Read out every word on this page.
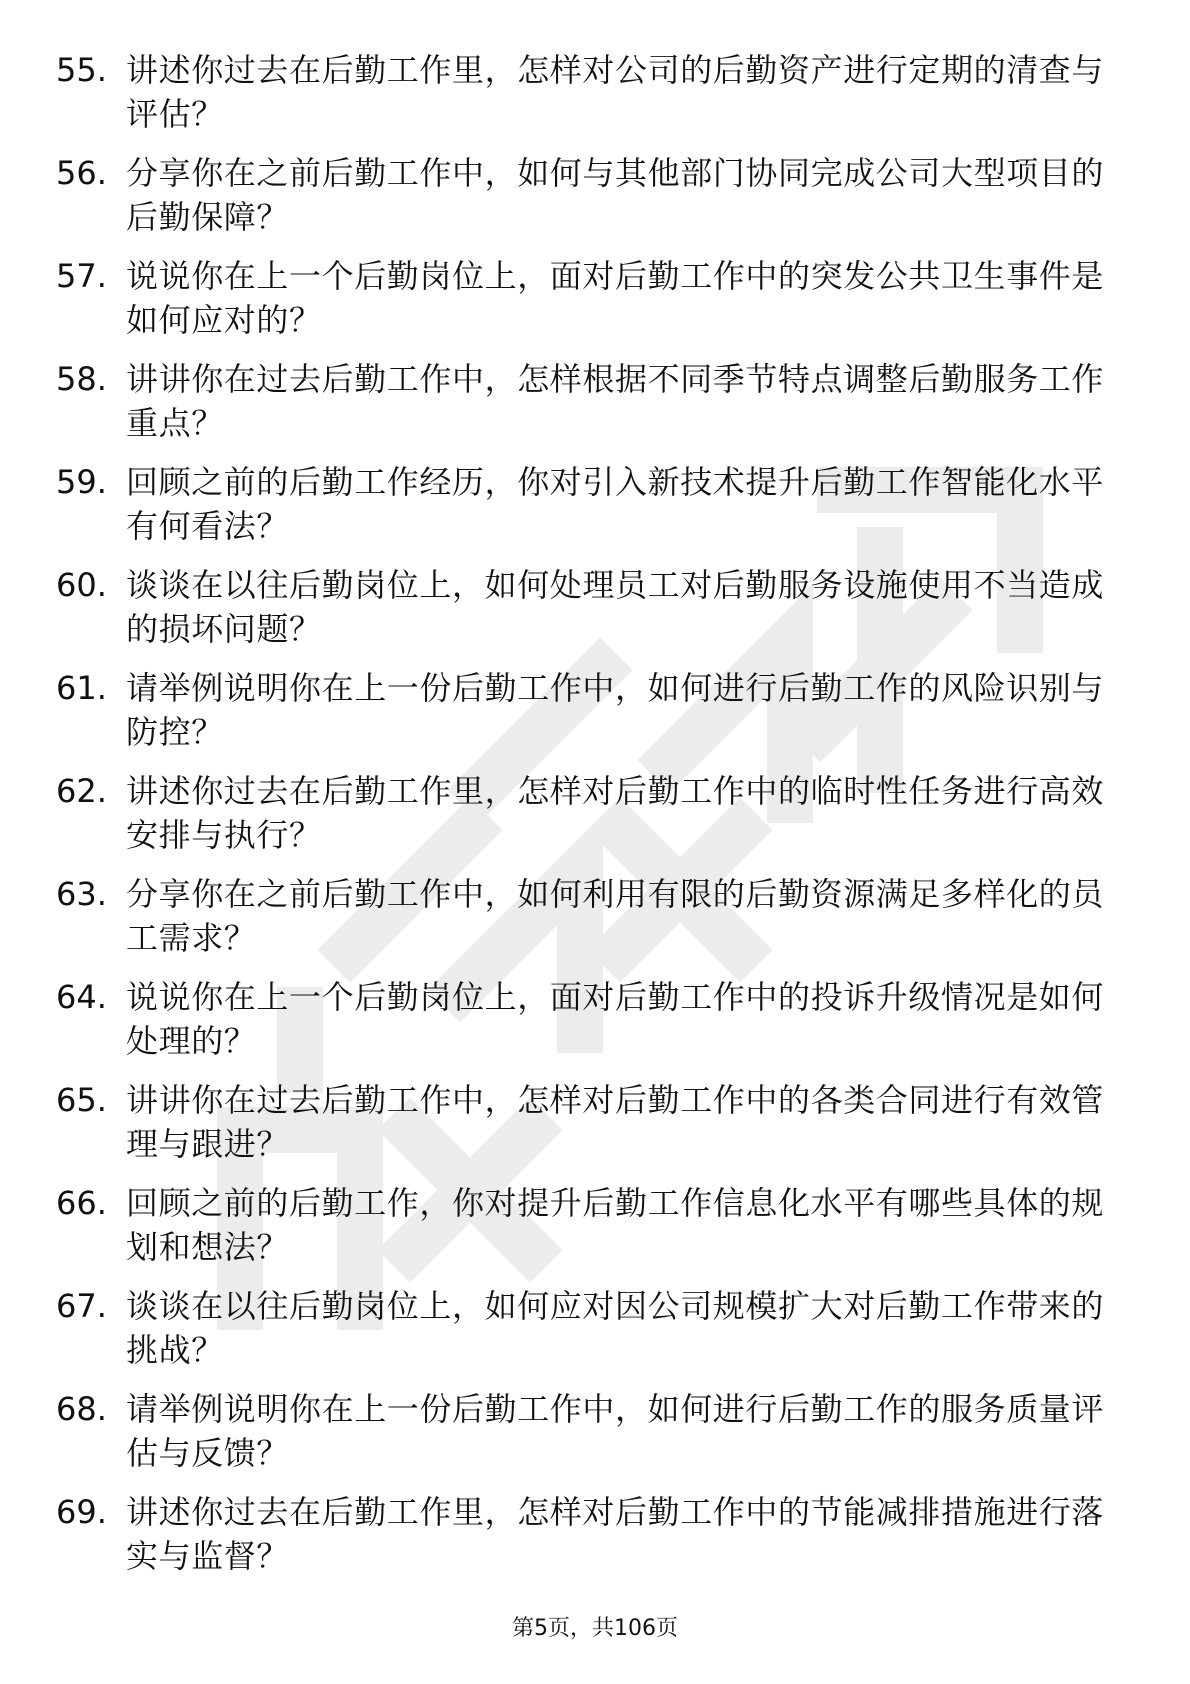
55. 讲述你过去在后勤工作里，怎样对公司的后勤资产进行定期的清查与评估？
56. 分享你在之前后勤工作中，如何与其他部门协同完成公司大型项目的后勤保障？
57. 说说你在上一个后勤岗位上，面对后勤工作中的突发公共卫生事件是如何应对的？
58. 讲讲你在过去后勤工作中，怎样根据不同季节特点调整后勤服务工作重点？
59. 回顾之前的后勤工作经历，你对引入新技术提升后勤工作智能化水平有何看法？
60. 谈谈在以往后勤岗位上，如何处理员工对后勤服务设施使用不当造成的损坏问题？
61. 请举例说明你在上一份后勤工作中，如何进行后勤工作的风险识别与防控？
62. 讲述你过去在后勤工作里，怎样对后勤工作中的临时性任务进行高效安排与执行？
63. 分享你在之前后勤工作中，如何利用有限的后勤资源满足多样化的员工需求？
64. 说说你在上一个后勤岗位上，面对后勤工作中的投诉升级情况是如何处理的？
65. 讲讲你在过去后勤工作中，怎样对后勤工作中的各类合同进行有效管理与跟进？
66. 回顾之前的后勤工作，你对提升后勤工作信息化水平有哪些具体的规划和想法？
67. 谈谈在以往后勤岗位上，如何应对因公司规模扩大对后勤工作带来的挑战？
68. 请举例说明你在上一份后勤工作中，如何进行后勤工作的服务质量评估与反馈？
69. 讲述你过去在后勤工作里，怎样对后勤工作中的节能减排措施进行落实与监督？
第5页，共106页
